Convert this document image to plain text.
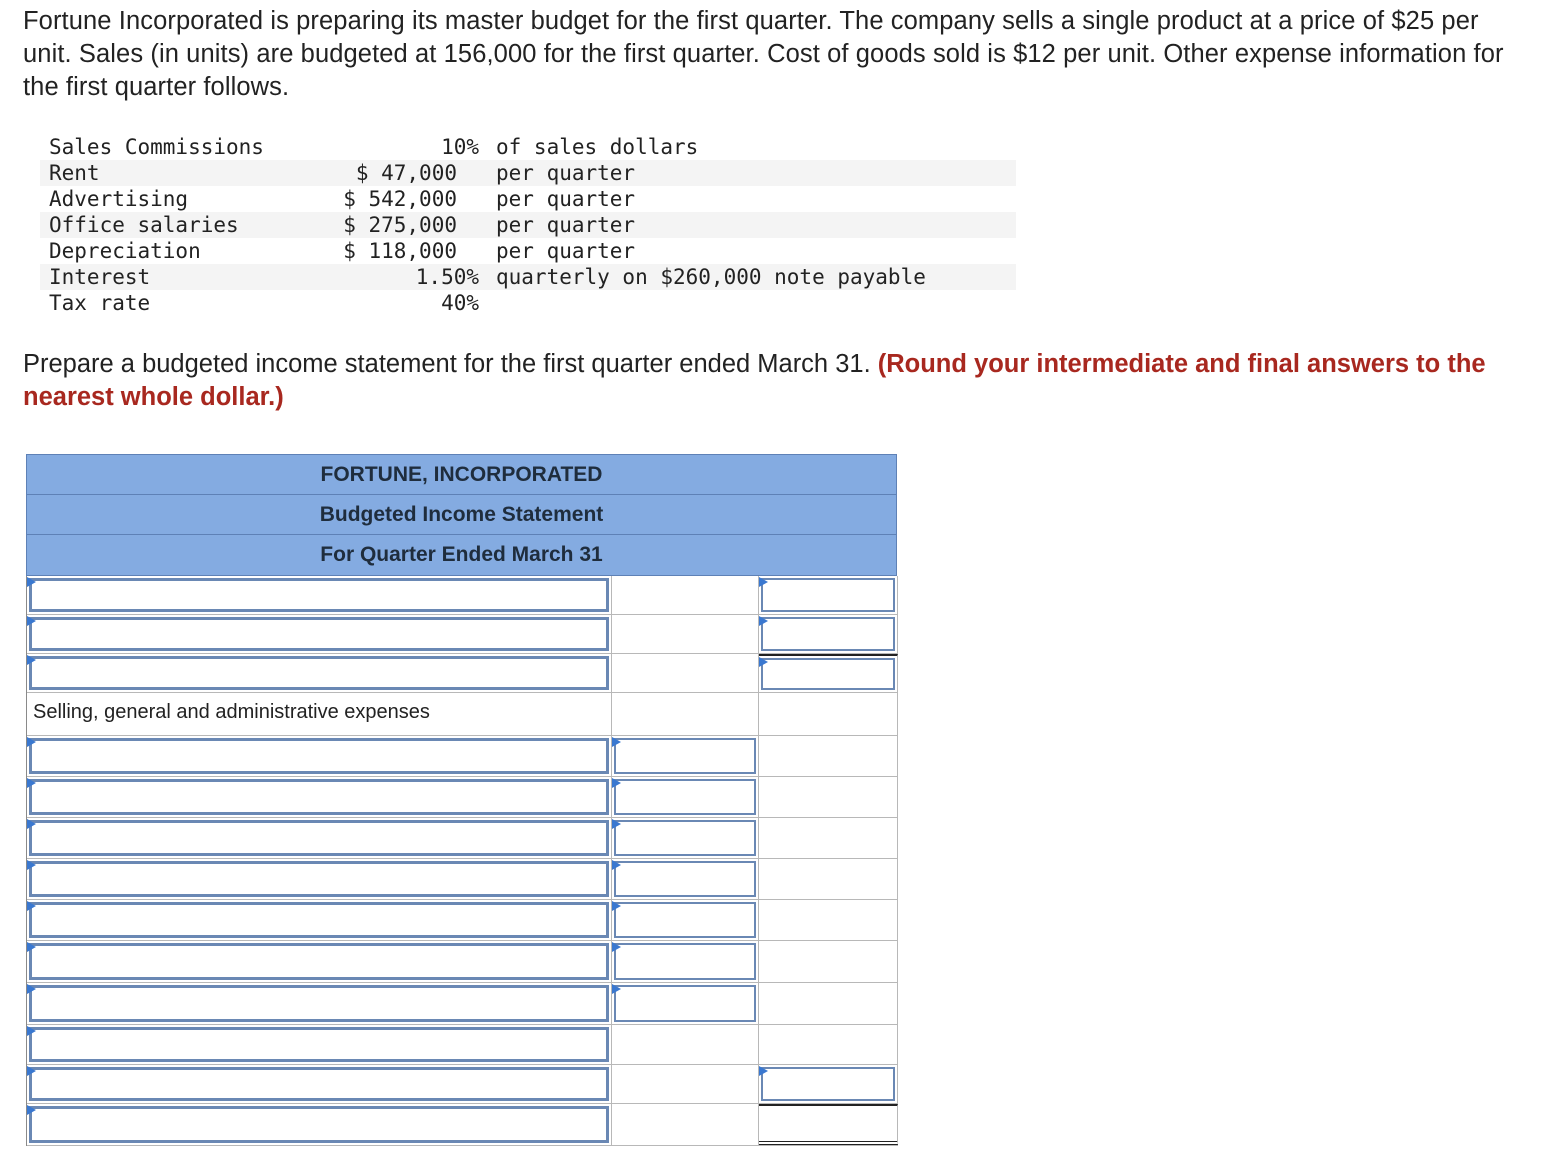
Fortune Incorporated is preparing its master budget for the first quarter. The company sells a single product at a price of $25 per unit. Sales (in units) are budgeted at 156,000 for the first quarter. Cost of goods sold is $12 per unit. Other expense information for the first quarter follows.

Sales Commissions	10%	of sales dollars
Rent	$ 47,000	per quarter
Advertising	$ 542,000	per quarter
Office salaries	$ 275,000	per quarter
Depreciation	$ 118,000	per quarter
Interest	1.50%	quarterly on $260,000 note payable
Tax rate	40%	

Prepare a budgeted income statement for the first quarter ended March 31. (Round your intermediate and final answers to the nearest whole dollar.)

FORTUNE, INCORPORATED
Budgeted Income Statement
For Quarter Ended March 31
Selling, general and administrative expenses
